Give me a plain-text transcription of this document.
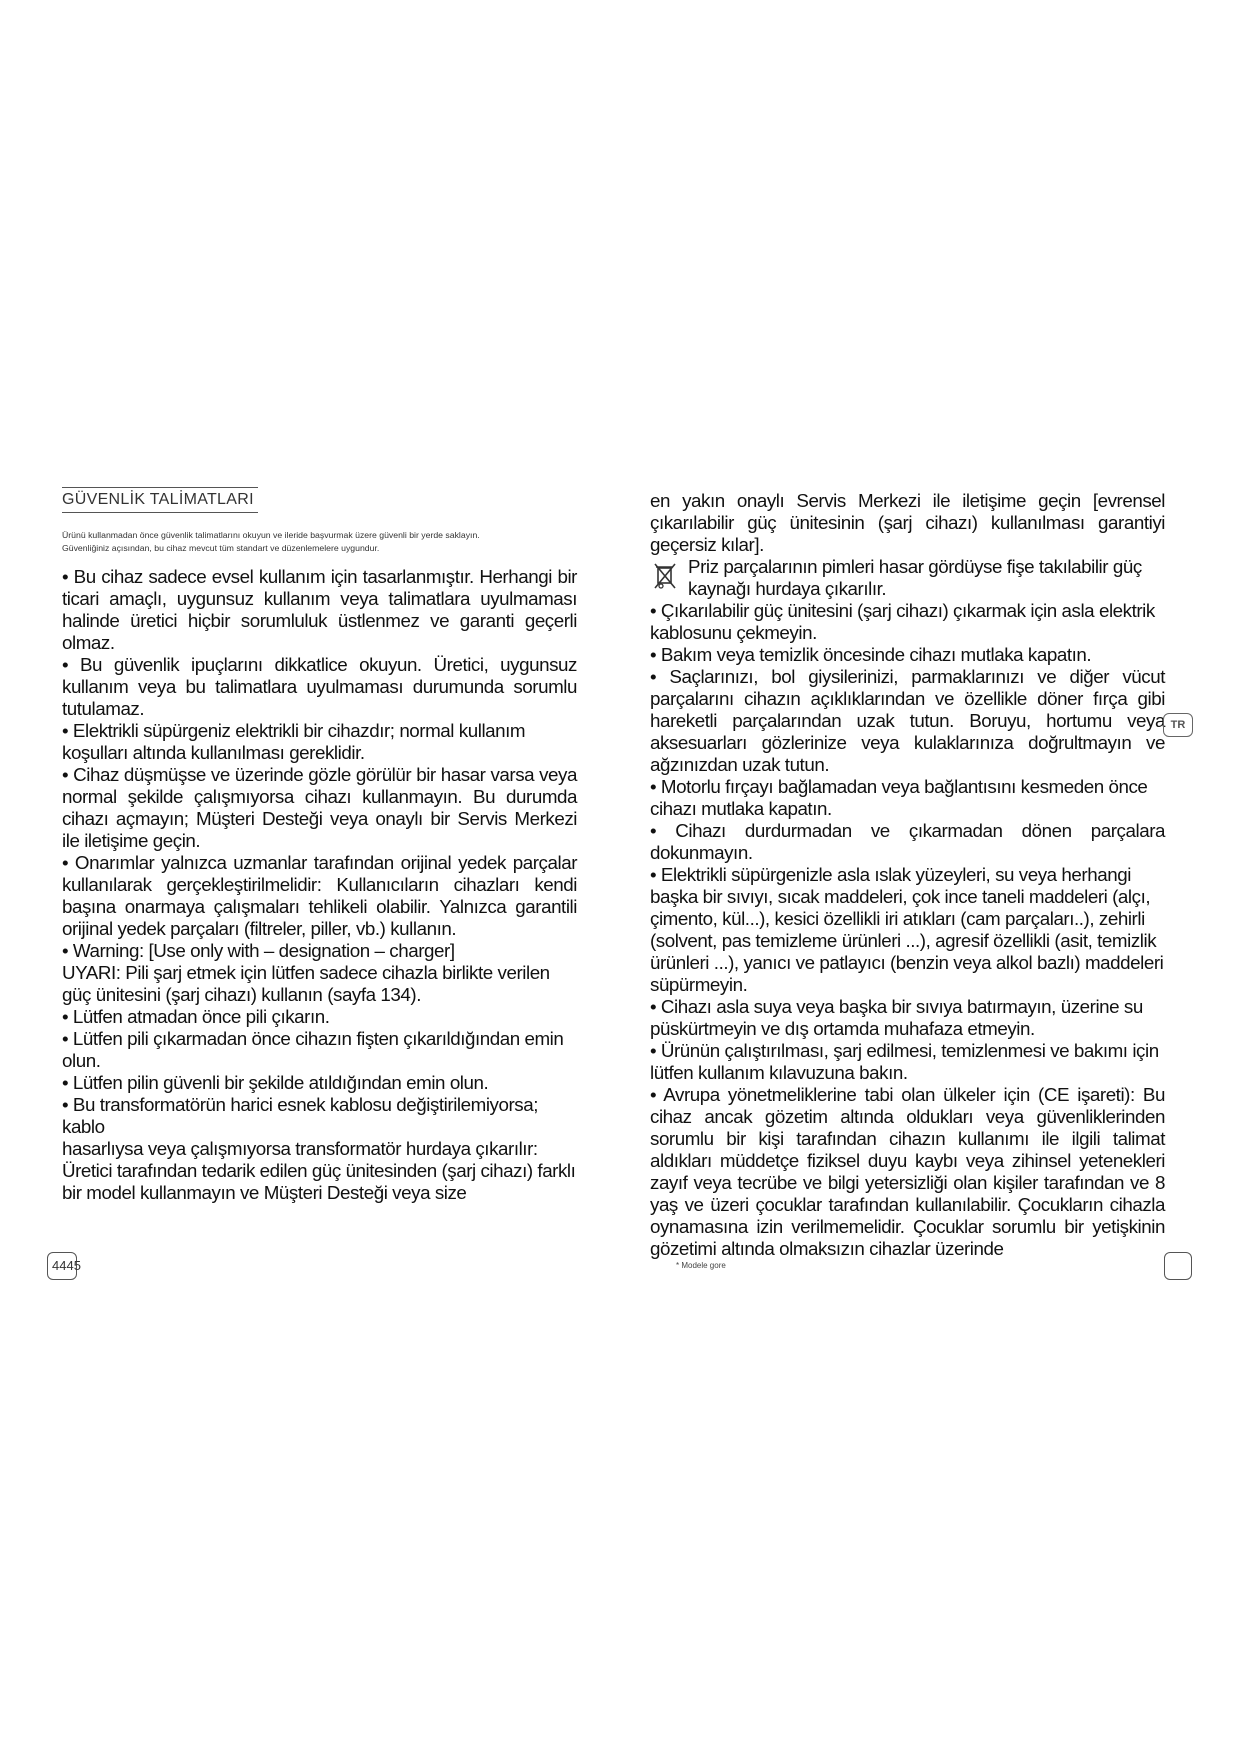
GÜVENLİK TALİMATLARI
Ürünü kullanmadan önce güvenlik talimatlarını okuyun ve ileride başvurmak üzere güvenli bir yerde saklayın.
Güvenliğiniz açısından, bu cihaz mevcut tüm standart ve düzenlemelere uygundur.

• Bu cihaz sadece evsel kullanım için tasarlanmıştır. Herhangi bir ticari amaçlı, uygunsuz kullanım veya talimatlara uyulmaması halinde üretici hiçbir sorumluluk üstlenmez ve garanti geçerli olmaz.

• Bu güvenlik ipuçlarını dikkatlice okuyun. Üretici, uygunsuz kullanım veya bu talimatlara uyulmaması durumunda sorumlu tutulamaz.

• Elektrikli süpürgeniz elektrikli bir cihazdır; normal kullanım koşulları altında kullanılması gereklidir.

• Cihaz düşmüşse ve üzerinde gözle görülür bir hasar varsa veya normal şekilde çalışmıyorsa cihazı kullanmayın. Bu durumda cihazı açmayın; Müşteri Desteği veya onaylı bir Servis Merkezi ile iletişime geçin.

• Onarımlar yalnızca uzmanlar tarafından orijinal yedek parçalar kullanılarak gerçekleştirilmelidir: Kullanıcıların cihazları kendi başına onarmaya çalışmaları tehlikeli olabilir. Yalnızca garantili orijinal yedek parçaları (filtreler, piller, vb.) kullanın.

• Warning: [Use only with – designation – charger]

UYARI: Pili şarj etmek için lütfen sadece cihazla birlikte verilen güç ünitesini (şarj cihazı) kullanın (sayfa 134).

• Lütfen atmadan önce pili çıkarın.

• Lütfen pili çıkarmadan önce cihazın fişten çıkarıldığından emin olun.

• Lütfen pilin güvenli bir şekilde atıldığından emin olun.

• Bu transformatörün harici esnek kablosu değiştirilemiyorsa; kablo

hasarlıysa veya çalışmıyorsa transformatör hurdaya çıkarılır: Üretici tarafından tedarik edilen güç ünitesinden (şarj cihazı) farklı bir model kullanmayın ve Müşteri Desteği veya size

4445

en yakın onaylı Servis Merkezi ile iletişime geçin [evrensel çıkarılabilir güç ünitesinin (şarj cihazı) kullanılması garantiyi geçersiz kılar].

Priz parçalarının pimleri hasar gördüyse fişe takılabilir güç kaynağı hurdaya çıkarılır.

• Çıkarılabilir güç ünitesini (şarj cihazı) çıkarmak için asla elektrik kablosunu çekmeyin.

• Bakım veya temizlik öncesinde cihazı mutlaka kapatın.

• Saçlarınızı, bol giysilerinizi, parmaklarınızı ve diğer vücut parçalarını cihazın açıklıklarından ve özellikle döner fırça gibi hareketli parçalarından uzak tutun. Boruyu, hortumu veya aksesuarları gözlerinize veya kulaklarınıza doğrultmayın ve ağzınızdan uzak tutun.

• Motorlu fırçayı bağlamadan veya bağlantısını kesmeden önce cihazı mutlaka kapatın.

• Cihazı durdurmadan ve çıkarmadan dönen parçalara dokunmayın.

• Elektrikli süpürgenizle asla ıslak yüzeyleri, su veya herhangi başka bir sıvıyı, sıcak maddeleri, çok ince taneli maddeleri (alçı, çimento, kül...), kesici özellikli iri atıkları (cam parçaları..), zehirli (solvent, pas temizleme ürünleri ...), agresif özellikli (asit, temizlik ürünleri ...), yanıcı ve patlayıcı (benzin veya alkol bazlı) maddeleri süpürmeyin.

• Cihazı asla suya veya başka bir sıvıya batırmayın, üzerine su püskürtmeyin ve dış ortamda muhafaza etmeyin.

• Ürünün çalıştırılması, şarj edilmesi, temizlenmesi ve bakımı için lütfen kullanım kılavuzuna bakın.

• Avrupa yönetmeliklerine tabi olan ülkeler için (CE işareti): Bu cihaz ancak gözetim altında oldukları veya güvenliklerinden sorumlu bir kişi tarafından cihazın kullanımı ile ilgili talimat aldıkları müddetçe fiziksel duyu kaybı veya zihinsel yetenekleri zayıf veya tecrübe ve bilgi yetersizliği olan kişiler tarafından ve 8 yaş ve üzeri çocuklar tarafından kullanılabilir. Çocukların cihazla oynamasına izin verilmemelidir. Çocuklar sorumlu bir yetişkinin gözetimi altında olmaksızın cihazlar üzerinde

TR
* Modele gore
